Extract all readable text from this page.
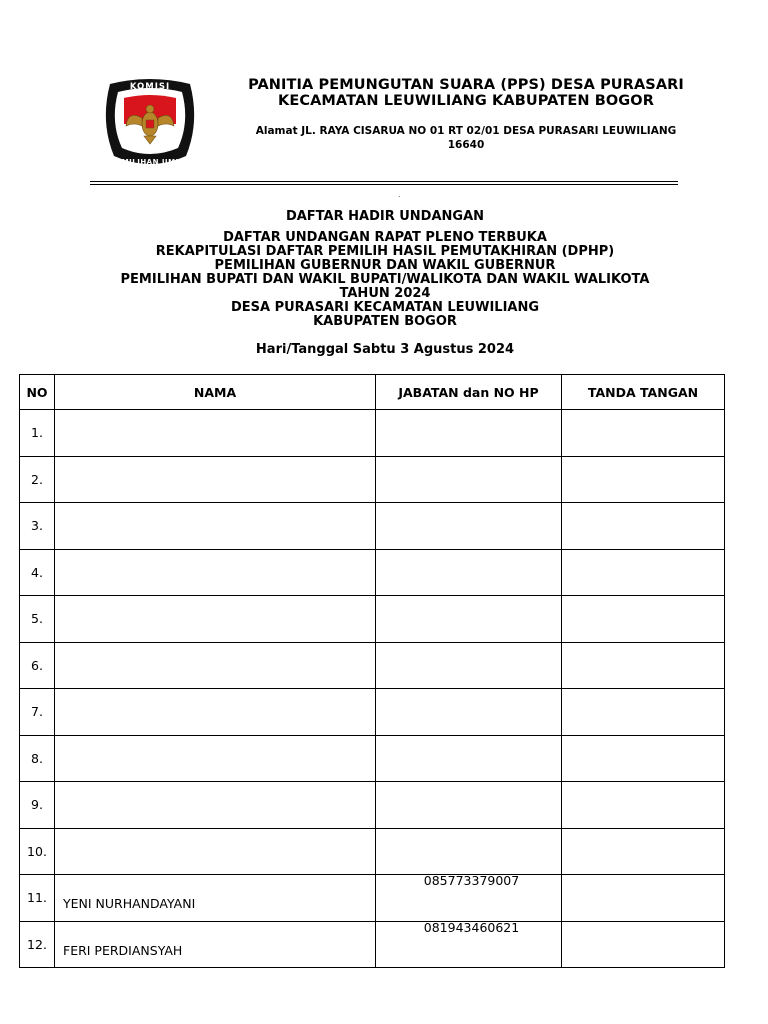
KOMISI
PEMILIHAN UMUM
PANITIA PEMUNGUTAN SUARA (PPS) DESA PURASARI
KECAMATAN LEUWILIANG KABUPATEN BOGOR
Alamat JL. RAYA CISARUA NO 01 RT 02/01 DESA PURASARI LEUWILIANG
16640
.
DAFTAR HADIR UNDANGAN
DAFTAR UNDANGAN RAPAT PLENO TERBUKA
REKAPITULASI DAFTAR PEMILIH HASIL PEMUTAKHIRAN (DPHP)
PEMILIHAN GUBERNUR DAN WAKIL GUBERNUR
PEMILIHAN BUPATI DAN WAKIL BUPATI/WALIKOTA DAN WAKIL WALIKOTA
TAHUN 2024
DESA PURASARI KECAMATAN LEUWILIANG
KABUPATEN BOGOR
Hari/Tanggal Sabtu 3 Agustus 2024
NO	NAMA	JABATAN dan NO HP	TANDA TANGAN
1.		

2.		

3.		

4.		

5.		

6.		

7.		

8.		

9.		

10.		

11.	YENI NURHANDAYANI	085773379007	

12.	FERI PERDIANSYAH	081943460621	
